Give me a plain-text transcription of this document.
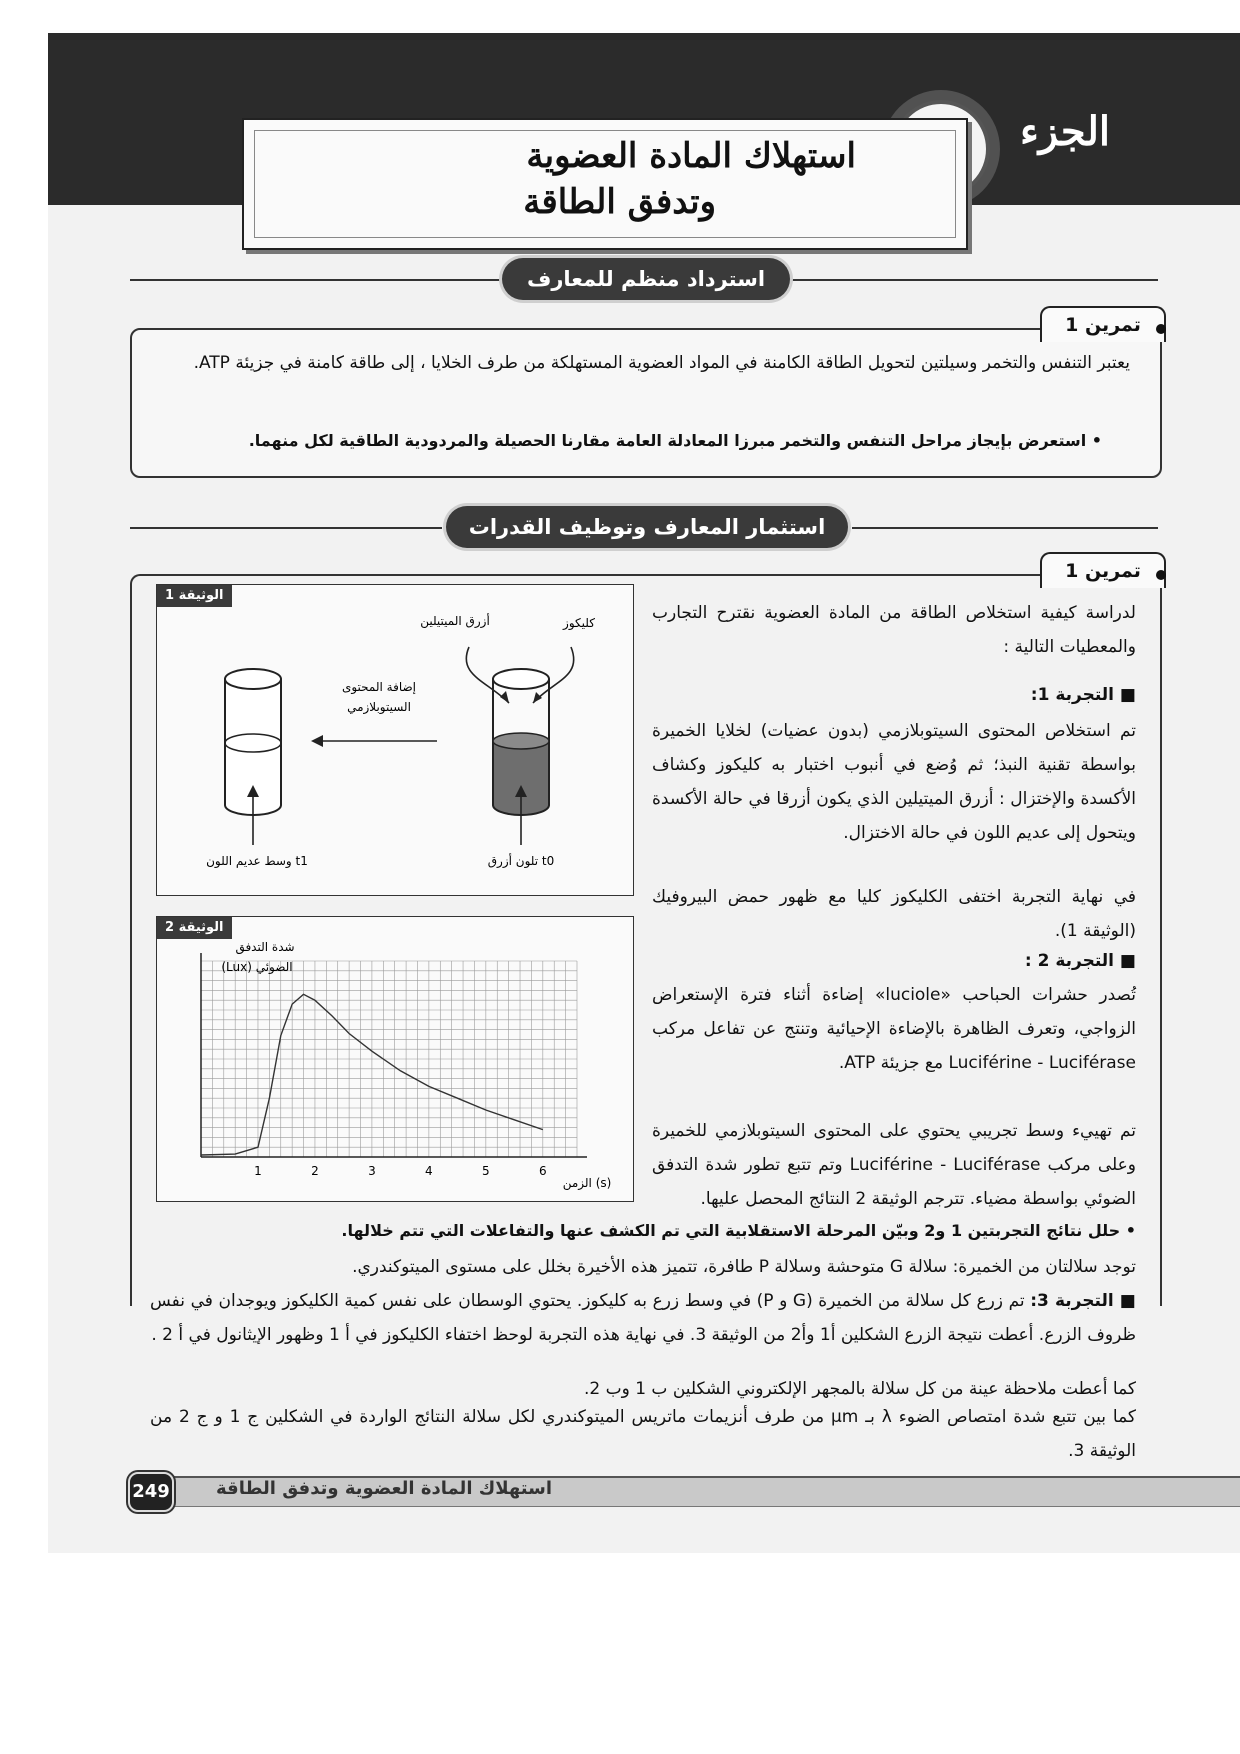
الجزء
استهلاك المادة العضوية
وتدفق الطاقة
استرداد منظم للمعارف
يعتبر التنفس والتخمر وسيلتين لتحويل الطاقة الكامنة في المواد العضوية المستهلكة من طرف الخلايا ، إلى طاقة كامنة في جزيئة ATP.
• استعرض بإيجاز مراحل التنفس والتخمر مبرزا المعادلة العامة مقارنا الحصيلة والمردودية الطاقية لكل منهما.
تمرين 1
استثمار المعارف وتوظيف القدرات
تمرين 1
لدراسة كيفية استخلاص الطاقة من المادة العضوية نقترح التجارب والمعطيات التالية :
■ التجربة 1:
تم استخلاص المحتوى السيتوبلازمي (بدون عضيات) لخلايا الخميرة بواسطة تقنية النبذ؛ ثم وُضع في أنبوب اختبار به كليكوز وكشاف الأكسدة والإختزال : أزرق الميتيلين الذي يكون أزرقا في حالة الأكسدة ويتحول إلى عديم اللون في حالة الاختزال.
في نهاية التجربة اختفى الكليكوز كليا مع ظهور حمض البيروفيك (الوثيقة 1).
■ التجربة 2 :
تُصدر حشرات الحباحب «luciole» إضاءة أثناء فترة الإستعراض الزواجي، وتعرف الظاهرة بالإضاءة الإحيائية وتنتج عن تفاعل مركب Luciférine - Luciférase مع جزيئة ATP.
تم تهييء وسط تجريبي يحتوي على المحتوى السيتوبلازمي للخميرة وعلى مركب Luciférine - Luciférase وتم تتبع تطور شدة التدفق الضوئي بواسطة مضياء. تترجم الوثيقة 2 النتائج المحصل عليها.
• حلل نتائج التجربتين 1 و2 وبيّن المرحلة الاستقلابية التي تم الكشف عنها والتفاعلات التي تتم خلالها.
توجد سلالتان من الخميرة: سلالة G متوحشة وسلالة P طافرة، تتميز هذه الأخيرة بخلل على مستوى الميتوكندري.
■ التجربة 3: تم زرع كل سلالة من الخميرة (G و P) في وسط زرع به كليكوز. يحتوي الوسطان على نفس كمية الكليكوز ويوجدان في نفس ظروف الزرع. أعطت نتيجة الزرع الشكلين أ1 وأ2 من الوثيقة 3. في نهاية هذه التجربة لوحظ اختفاء الكليكوز في أ 1 وظهور الإيثانول في أ 2 .
كما أعطت ملاحظة عينة من كل سلالة بالمجهر الإلكتروني الشكلين ب 1 وب 2.
كما بين تتبع شدة امتصاص الضوء λ بـ µm من طرف أنزيمات ماتريس الميتوكندري لكل سلالة النتائج الواردة في الشكلين ج 1 و ج 2 من الوثيقة 3.
الوثيقة 1
كليكوز
أزرق الميتيلين
إضافة المحتوى
السيتوبلازمي
تلون أزرق t0
وسط عديم اللون t1
الوثيقة 2
1	2	3	4	5	6
شدة التدفق
(Lux) الضوئي
الزمن (s)
استهلاك المادة العضوية وتدفق الطاقة
249
